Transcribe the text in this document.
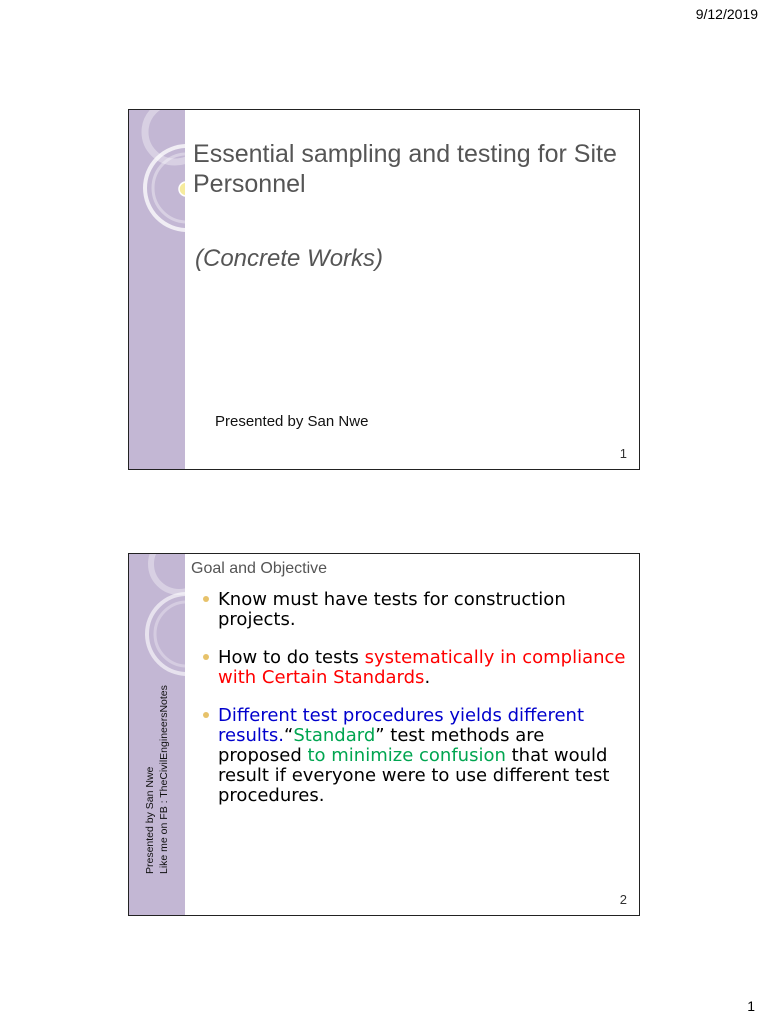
9/12/2019
Essential sampling and testing for Site Personnel
(Concrete Works)
Presented by San Nwe
1
Presented by San Nwe Like me on FB : TheCivilEngineersNotes
Goal and Objective
Know must have tests for construction projects.
How to do tests systematically in compliance with Certain Standards.
Different test procedures yields different results.“Standard” test methods are proposed to minimize confusion that would result if everyone were to use different test procedures.
2
1
